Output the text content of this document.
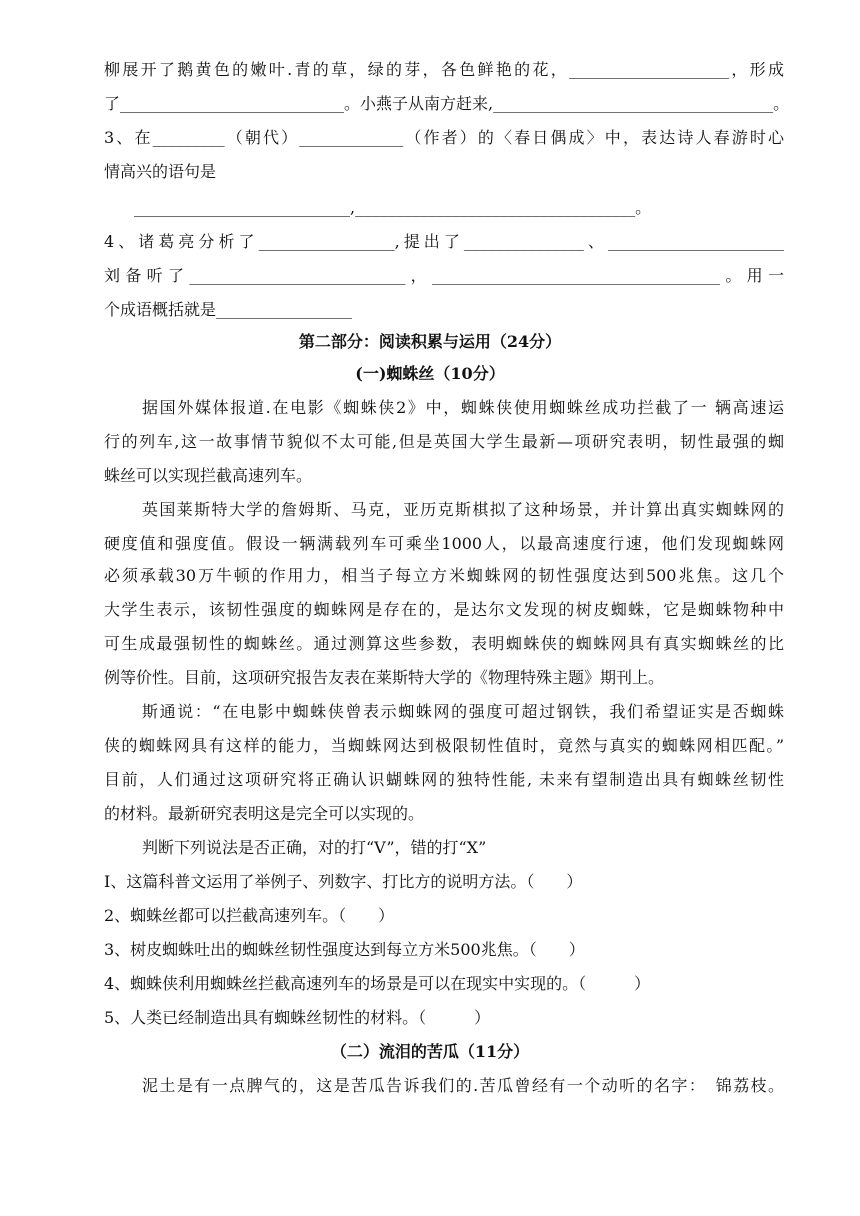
柳展开了鹅黄色的嫩叶.青的草，绿的芽，各色鲜艳的花，____________________，形成
了____________________________。小燕子从南方赶来,___________________________________。
3、在_________（朝代）_____________（作者）的〈春日偶成〉中，表达诗人春游时心
情高兴的语句是
___________________________,___________________________________。
4、诸葛亮分析了_________________,提出了_______________、______________________
刘备听了___________________________，____________________________________。用一
个成语概括就是_________________
第二部分：阅读积累与运用（24分）
(一)蜘蛛丝（10分）
据国外媒体报道.在电影《蜘蛛侠2》中，蜘蛛侠使用蜘蛛丝成功拦截了一 辆高速运
行的列车,这一故事情节貌似不太可能,但是英国大学生最新—项研究表明，韧性最强的蜘
蛛丝可以实现拦截高速列车。
英国莱斯特大学的詹姆斯、马克，亚历克斯棋拟了这种场景，并计算出真实蜘蛛网的
硬度值和强度值。假设一辆满载列车可乘坐1000人，以最高速度行速，他们发现蜘蛛网
必须承载30万牛顿的作用力，相当子每立方米蜘蛛网的韧性强度达到500兆焦。这几个
大学生表示，该韧性强度的蜘蛛网是存在的，是达尔文发现的树皮蜘蛛，它是蜘蛛物种中
可生成最强韧性的蜘蛛丝。通过测算这些参数，表明蜘蛛侠的蜘蛛网具有真实蜘蛛丝的比
例等价性。目前，这项研究报告友表在莱斯特大学的《物理特殊主题》期刊上。
斯通说：“在电影中蜘蛛侠曾表示蜘蛛网的强度可超过钢铁，我们希望证实是否蜘蛛
侠的蜘蛛网具有这样的能力，当蜘蛛网达到极限韧性值时，竟然与真实的蜘蛛网相匹配。”
目前，人们通过这项研究将正确认识蝴蛛网的独特性能, 未来有望制造出具有蜘蛛丝韧性
的材料。最新研究表明这是完全可以实现的。
判断下列说法是否正确，对的打“V”，错的打“X”
I、这篇科普文运用了举例子、列数字、打比方的说明方法。（　　）
2、蜘蛛丝都可以拦截高速列车。（　　）
3、树皮蜘蛛吐出的蜘蛛丝韧性强度达到每立方米500兆焦。（　　）
4、蜘蛛侠利用蜘蛛丝拦截高速列车的场景是可以在现实中实现的。（　　　）
5、人类已经制造出具有蜘蛛丝韧性的材料。（　　　）
（二）流泪的苦瓜（11分）
泥土是有一点脾气的，这是苦瓜告诉我们的.苦瓜曾经有一个动听的名字：　锦荔枝。
